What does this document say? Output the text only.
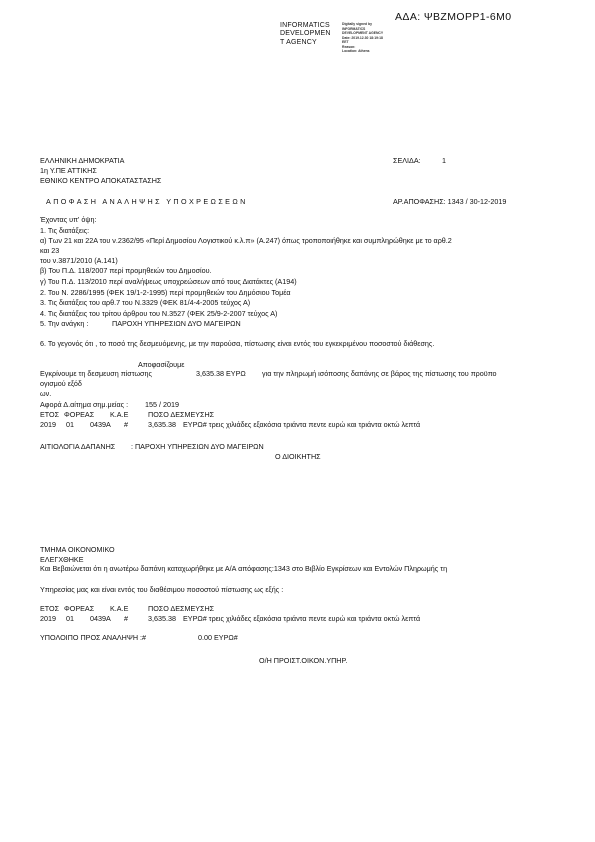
ΑΔΑ: ΨΒΖΜΟΡΡ1-6Μ0
INFORMATICS
DEVELOPMEN
T AGENCY
Digitally signed by
INFORMATICS
DEVELOPMENT AGENCY
Date: 2019.12.30 18:19:18
EET
Reason:
Location: Athens
ΕΛΛΗΝΙΚΗ ΔΗΜΟΚΡΑΤΙΑ
1η Υ.ΠΕ ΑΤΤΙΚΗΣ
ΕΘΝΙΚΟ ΚΕΝΤΡΟ ΑΠΟΚΑΤΑΣΤΑΣΗΣ
ΣΕΛΙΔΑ:	1
ΑΠΟΦΑΣΗ ΑΝΑΛΗΨΗΣ ΥΠΟΧΡΕΩΣΕΩΝ	ΑΡ.ΑΠΟΦΑΣΗΣ: 1343 / 30-12-2019
Έχοντας υπ' όψη:
1. Τις διατάξεις:
α) Των 21 και 22Α του ν.2362/95 «Περί Δημοσίου Λογιστικού κ.λ.π» (Α.247) όπως τροποποιήθηκε και συμπληρώθηκε με το αρθ.2
και 23
του ν.3871/2010 (Α.141)
β) Του Π.Δ. 118/2007 περί προμηθειών του Δημοσίου.
γ) Του Π.Δ. 113/2010 περί αναλήψεως υποχρεώσεων από τους Διατάκτες (Α194)
2. Του Ν. 2286/1995 (ΦΕΚ 19/1-2-1995) περί προμηθειών του Δημόσιου Τομέα
3. Τις διατάξεις του αρθ.7 του Ν.3329 (ΦΕΚ 81/4-4-2005 τεύχος Α)
4. Τις διατάξεις του τρίτου άρθρου του Ν.3527 (ΦΕΚ 25/9-2-2007 τεύχος Α)
5. Την ανάγκη :	ΠΑΡΟΧΗ ΥΠΗΡΕΣΙΩΝ ΔΥΟ ΜΑΓΕΙΡΩΝ
6. Το γεγονός ότι , το ποσό της δεσμευόμενης, με την παρούσα, πίστωσης είναι εντός του εγκεκριμένου ποσοστού διάθεσης.
Αποφασίζουμε
Εγκρίνουμε τη δεσμευση πίστωσης	3,635.38 ΕΥΡΩ για την πληρωμή ισόποσης δαπάνης σε βάρος της πίστωσης του προϋπο
ογισμού εξόδ
ων.
Αφορά Δ.αίτημα σημ.μείας : 155 / 2019
ΕΤΟΣ ΦΟΡΕΑΣ Κ.Α.Ε	ΠΟΣΟ ΔΕΣΜΕΥΣΗΣ
2019 01 0439Α #	3,635.38 ΕΥΡΩ# τρεις χιλιάδες εξακόσια τριάντα πεντε ευρώ και τριάντα οκτώ λεπτά
ΑΙΤΙΟΛΟΓΙΑ ΔΑΠΑΝΗΣ : ΠΑΡΟΧΗ ΥΠΗΡΕΣΙΩΝ ΔΥΟ ΜΑΓΕΙΡΩΝ
Ο ΔΙΟΙΚΗΤΗΣ
ΤΜΗΜΑ ΟΙΚΟΝΟΜΙΚΟ
ΕΛΕΓΧΘΗΚΕ
Και Βεβαιώνεται ότι η ανωτέρω δαπάνη καταχωρήθηκε με Α/Α απόφασης:1343 στο Βιβλίο Εγκρίσεων και Εντολών Πληρωμής τη
Υπηρεσίας μας και είναι εντός του διαθέσιμου ποσοστού πίστωσης ως εξής :
ΕΤΟΣ ΦΟΡΕΑΣ Κ.Α.Ε	ΠΟΣΟ ΔΕΣΜΕΥΣΗΣ
2019 01 0439Α #	3,635.38 ΕΥΡΩ# τρεις χιλιάδες εξακόσια τριάντα πεντε ευρώ και τριάντα οκτώ λεπτά
ΥΠΟΛΟΙΠΟ ΠΡΟΣ ΑΝΑΛΗΨΗ :#	0.00 ΕΥΡΩ#
Ο/Η ΠΡΟΙΣΤ.ΟΙΚΟΝ.ΥΠΗΡ.
